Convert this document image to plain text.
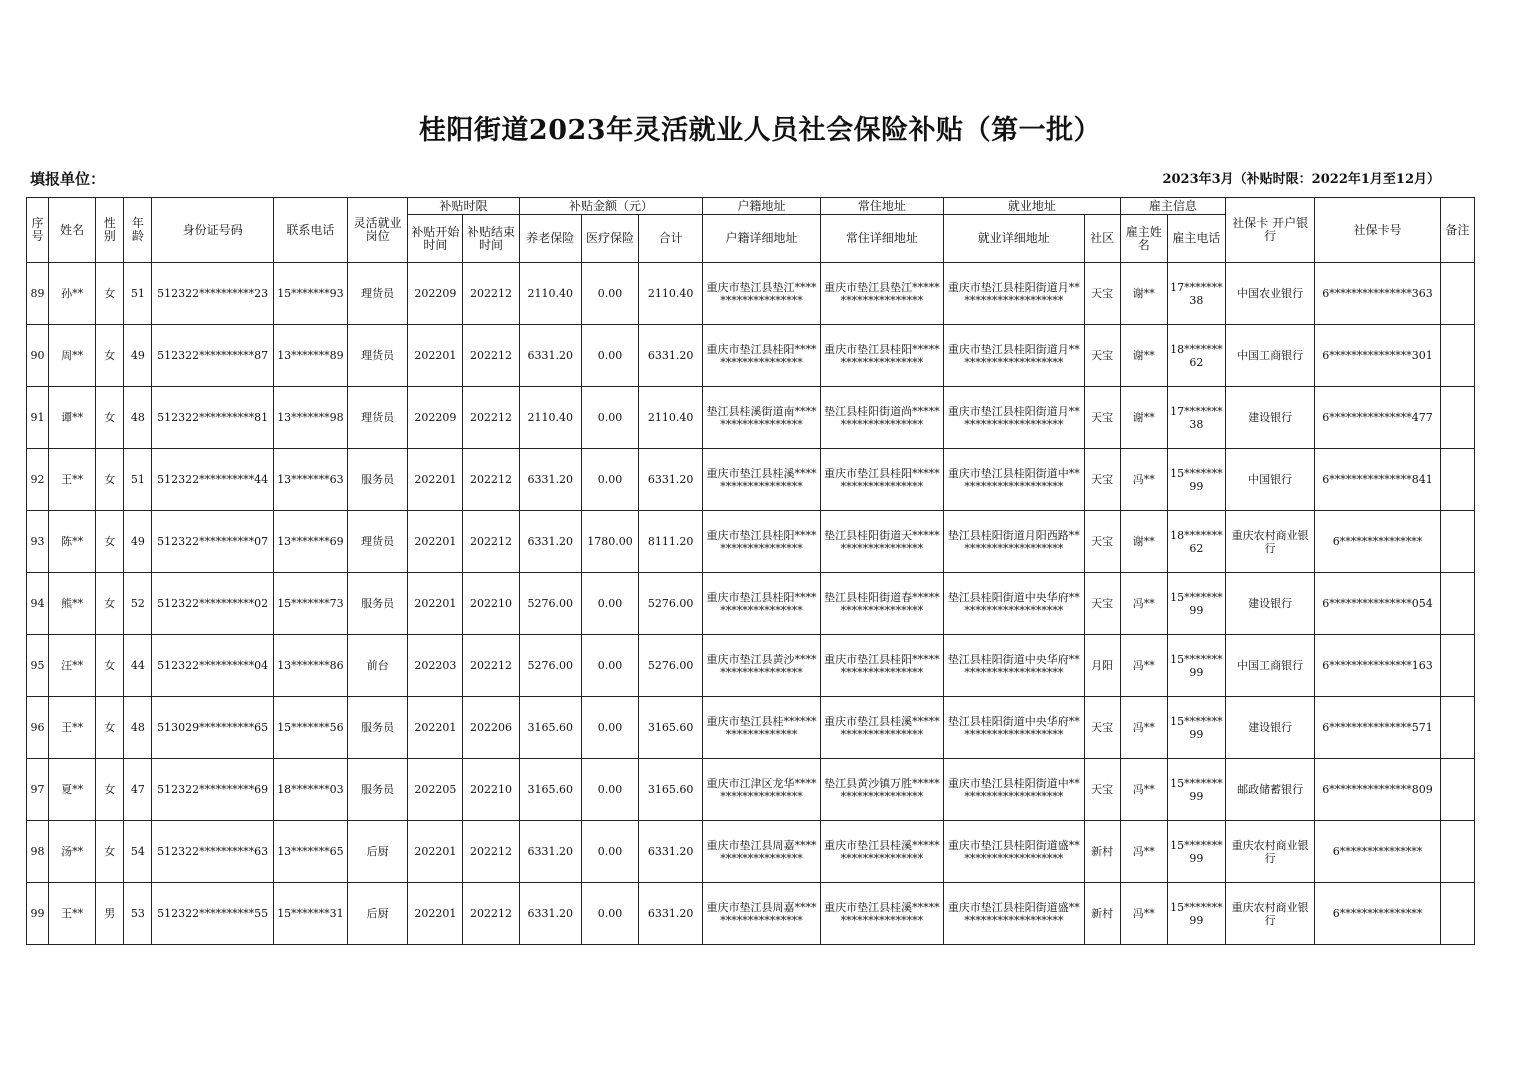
桂阳街道2023年灵活就业人员社会保险补贴（第一批）
填报单位：	2023年3月（补贴时限：2022年1月至12月）
序号	姓名	性别	年龄	身份证号码	联系电话	灵活就业岗位	补贴时限		补贴金额（元）			户籍地址	常住地址	就业地址		雇主信息		社保卡 开户银行	社保卡号	备注
							补贴开始时间	补贴结束时间	养老保险	医疗保险	合计	户籍详细地址	常住详细地址	就业详细地址	社区	雇主姓名	雇主电话			
89	孙**	女	51	512322**********23	15*******93	理货员	202209	202212	2110.40	0.00	2110.40	重庆市垫江县垫江*******************	重庆市垫江县垫江********************	重庆市垫江县桂阳街道月********************	天宝	谢**	17*******38	中国农业银行	6***************363	
90	周**	女	49	512322**********87	13*******89	理货员	202201	202212	6331.20	0.00	6331.20	重庆市垫江县桂阳*******************	重庆市垫江县桂阳********************	重庆市垫江县桂阳街道月********************	天宝	谢**	18*******62	中国工商银行	6***************301	
91	谭**	女	48	512322**********81	13*******98	理货员	202209	202212	2110.40	0.00	2110.40	垫江县桂溪街道南*******************	垫江县桂阳街道尚********************	重庆市垫江县桂阳街道月********************	天宝	谢**	17*******38	建设银行	6***************477	
92	王**	女	51	512322**********44	13*******63	服务员	202201	202212	6331.20	0.00	6331.20	重庆市垫江县桂溪*******************	重庆市垫江县桂阳********************	重庆市垫江县桂阳街道中********************	天宝	冯**	15*******99	中国银行	6***************841	
93	陈**	女	49	512322**********07	13*******69	理货员	202201	202212	6331.20	1780.00	8111.20	重庆市垫江县桂阳*******************	垫江县桂阳街道天********************	垫江县桂阳街道月阳西路********************	天宝	谢**	18*******62	重庆农村商业银行	6***************	
94	熊**	女	52	512322**********02	15*******73	服务员	202201	202210	5276.00	0.00	5276.00	重庆市垫江县桂阳*******************	垫江县桂阳街道春********************	垫江县桂阳街道中央华府********************	天宝	冯**	15*******99	建设银行	6***************054	
95	汪**	女	44	512322**********04	13*******86	前台	202203	202212	5276.00	0.00	5276.00	重庆市垫江县黄沙*******************	重庆市垫江县桂阳********************	垫江县桂阳街道中央华府********************	月阳	冯**	15*******99	中国工商银行	6***************163	
96	王**	女	48	513029**********65	15*******56	服务员	202201	202206	3165.60	0.00	3165.60	重庆市垫江县桂*******************	重庆市垫江县桂溪********************	垫江县桂阳街道中央华府********************	天宝	冯**	15*******99	建设银行	6***************571	
97	夏**	女	47	512322**********69	18*******03	服务员	202205	202210	3165.60	0.00	3165.60	重庆市江津区龙华*******************	垫江县黄沙镇万胜********************	重庆市垫江县桂阳街道中********************	天宝	冯**	15*******99	邮政储蓄银行	6***************809	
98	汤**	女	54	512322**********63	13*******65	后厨	202201	202212	6331.20	0.00	6331.20	重庆市垫江县周嘉*******************	重庆市垫江县桂溪********************	重庆市垫江县桂阳街道盛********************	新村	冯**	15*******99	重庆农村商业银行	6***************	
99	王**	男	53	512322**********55	15*******31	后厨	202201	202212	6331.20	0.00	6331.20	重庆市垫江县周嘉*******************	重庆市垫江县桂溪********************	重庆市垫江县桂阳街道盛********************	新村	冯**	15*******99	重庆农村商业银行	6***************	
